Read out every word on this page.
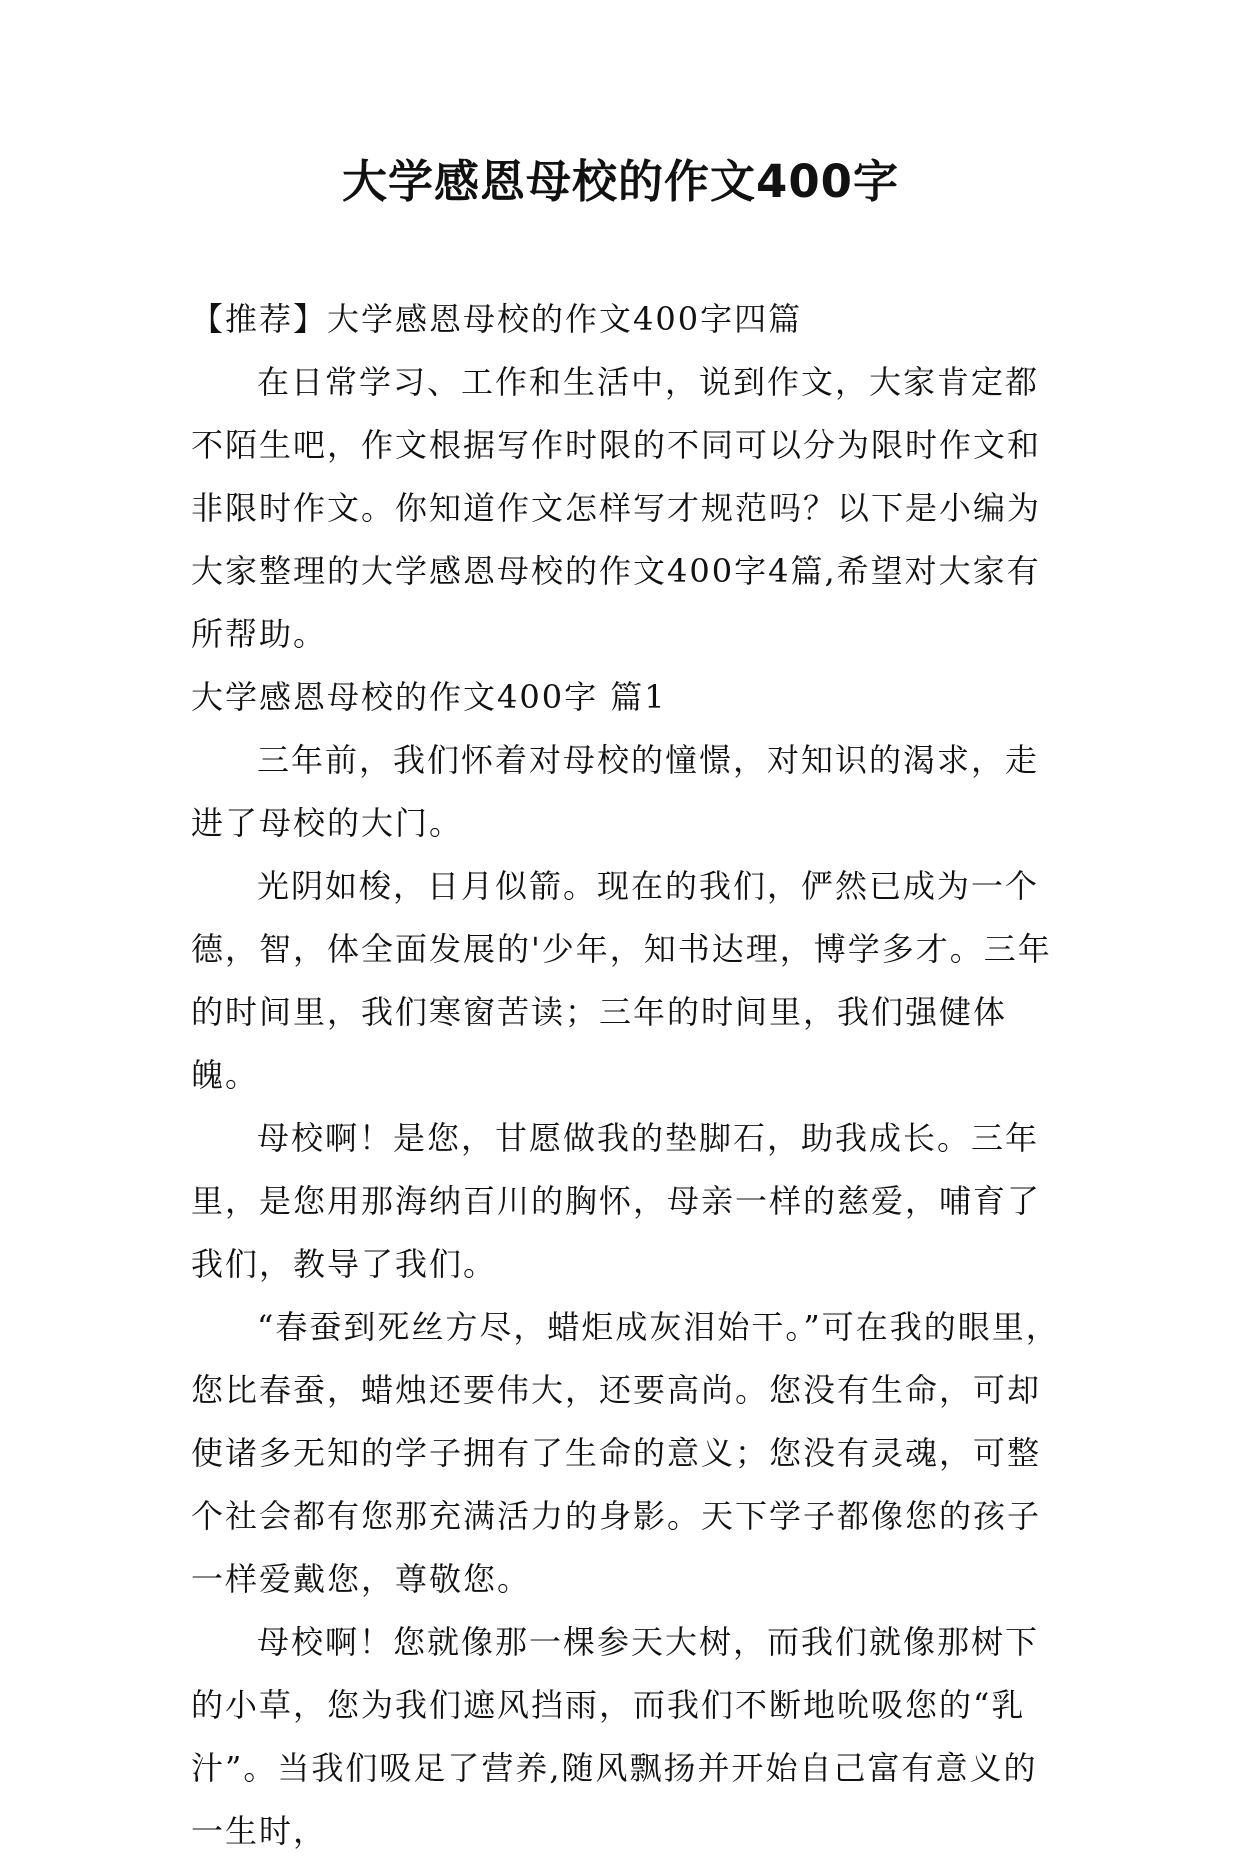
大学感恩母校的作文400字

【推荐】大学感恩母校的作文400字四篇

在日常学习、工作和生活中，说到作文，大家肯定都不陌生吧，作文根据写作时限的不同可以分为限时作文和非限时作文。你知道作文怎样写才规范吗？以下是小编为大家整理的大学感恩母校的作文400字4篇,希望对大家有所帮助。

大学感恩母校的作文400字 篇1

三年前，我们怀着对母校的憧憬，对知识的渴求，走进了母校的大门。

光阴如梭，日月似箭。现在的我们，俨然已成为一个德，智，体全面发展的'少年，知书达理，博学多才。三年的时间里，我们寒窗苦读；三年的时间里，我们强健体魄。

母校啊！是您，甘愿做我的垫脚石，助我成长。三年里，是您用那海纳百川的胸怀，母亲一样的慈爱，哺育了我们，教导了我们。

“春蚕到死丝方尽，蜡炬成灰泪始干。”可在我的眼里，您比春蚕，蜡烛还要伟大，还要高尚。您没有生命，可却使诸多无知的学子拥有了生命的意义；您没有灵魂，可整个社会都有您那充满活力的身影。天下学子都像您的孩子一样爱戴您，尊敬您。

母校啊！您就像那一棵参天大树，而我们就像那树下的小草，您为我们遮风挡雨，而我们不断地吮吸您的“乳汁”。当我们吸足了营养,随风飘扬并开始自己富有意义的一生时，
